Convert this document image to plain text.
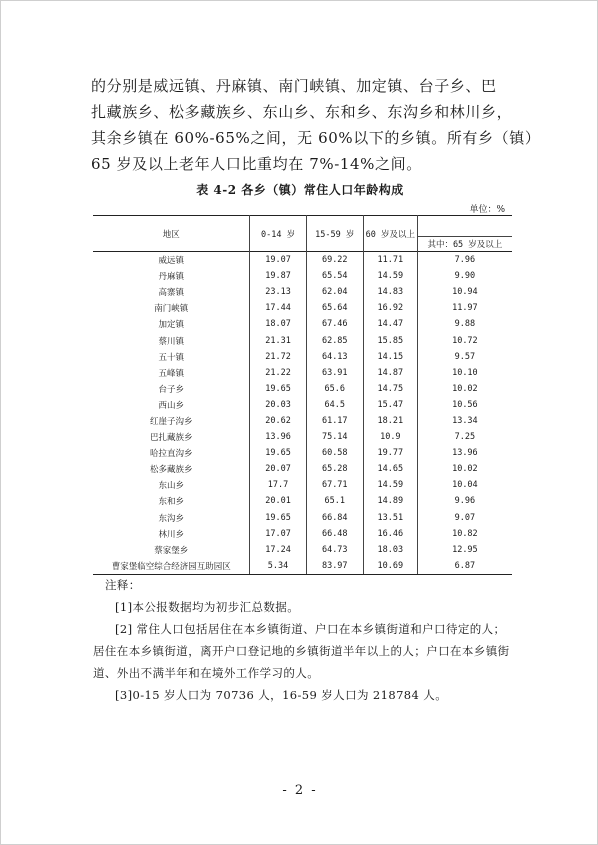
的分别是威远镇、丹麻镇、南门峡镇、加定镇、台子乡、巴
扎藏族乡、松多藏族乡、东山乡、东和乡、东沟乡和林川乡，
其余乡镇在 60%-65%之间，无 60%以下的乡镇。所有乡（镇）
65 岁及以上老年人口比重均在 7%-14%之间。
表 4-2 各乡（镇）常住人口年龄构成
单位：%
地区	0-14 岁	15-59 岁	60 岁及以上	
				其中：65 岁及以上
威远镇	19.07	69.22	11.71	7.96
丹麻镇	19.87	65.54	14.59	9.90
高寨镇	23.13	62.04	14.83	10.94
南门峡镇	17.44	65.64	16.92	11.97
加定镇	18.07	67.46	14.47	9.88
蔡川镇	21.31	62.85	15.85	10.72
五十镇	21.72	64.13	14.15	9.57
五峰镇	21.22	63.91	14.87	10.10
台子乡	19.65	65.6	14.75	10.02
西山乡	20.03	64.5	15.47	10.56
红崖子沟乡	20.62	61.17	18.21	13.34
巴扎藏族乡	13.96	75.14	10.9	7.25
哈拉直沟乡	19.65	60.58	19.77	13.96
松多藏族乡	20.07	65.28	14.65	10.02
东山乡	17.7	67.71	14.59	10.04
东和乡	20.01	65.1	14.89	9.96
东沟乡	19.65	66.84	13.51	9.07
林川乡	17.07	66.48	16.46	10.82
蔡家堡乡	17.24	64.73	18.03	12.95
曹家堡临空综合经济园互助园区	5.34	83.97	10.69	6.87
注释：
[1]本公报数据均为初步汇总数据。
[2] 常住人口包括居住在本乡镇街道、户口在本乡镇街道和户口待定的人；
居住在本乡镇街道，离开户口登记地的乡镇街道半年以上的人；户口在本乡镇街
道、外出不满半年和在境外工作学习的人。
[3]0-15 岁人口为 70736 人，16-59 岁人口为 218784 人。
- 2 -
